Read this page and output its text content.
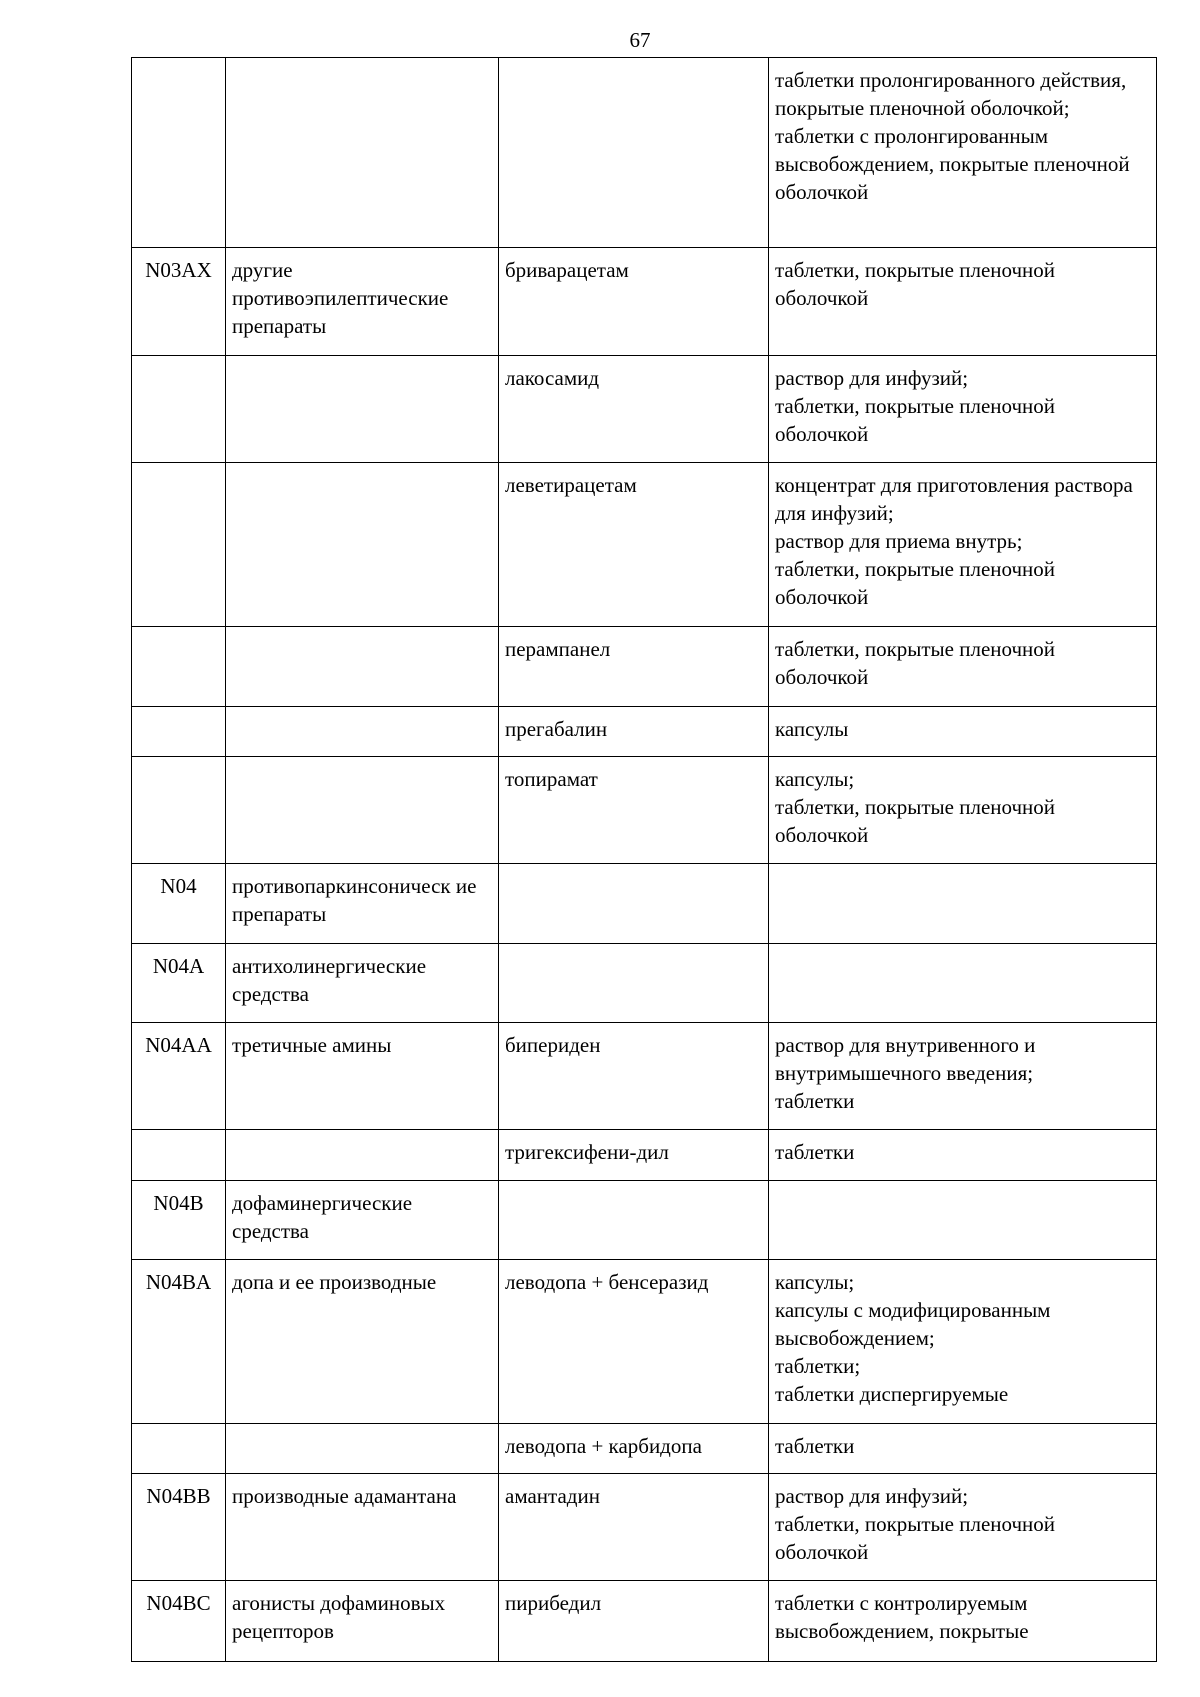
67
			таблетки пролонгированного действия, покрытые пленочной оболочкой;
таблетки с пролонгированным высвобождением, покрытые пленочной оболочкой
N03AX	другие противоэпилептические препараты	бриварацетам	таблетки, покрытые пленочной оболочкой
		лакосамид	раствор для инфузий;
таблетки, покрытые пленочной оболочкой
		леветирацетам	концентрат для приготовления раствора для инфузий;
раствор для приема внутрь;
таблетки, покрытые пленочной оболочкой
		перампанел	таблетки, покрытые пленочной оболочкой
		прегабалин	капсулы
		топирамат	капсулы;
таблетки, покрытые пленочной оболочкой
N04	противопаркинсоническ ие препараты		
N04A	антихолинергические средства		
N04AA	третичные амины	бипериден	раствор для внутривенного и внутримышечного введения;
таблетки
		тригексифени-дил	таблетки
N04B	дофаминергические средства		
N04BA	допа и ее производные	леводопа + бенсеразид	капсулы;
капсулы с модифицированным высвобождением;
таблетки;
таблетки диспергируемые
		леводопа + карбидопа	таблетки
N04BB	производные адамантана	амантадин	раствор для инфузий;
таблетки, покрытые пленочной оболочкой
N04BC	агонисты дофаминовых рецепторов	пирибедил	таблетки с контролируемым высвобождением, покрытые
